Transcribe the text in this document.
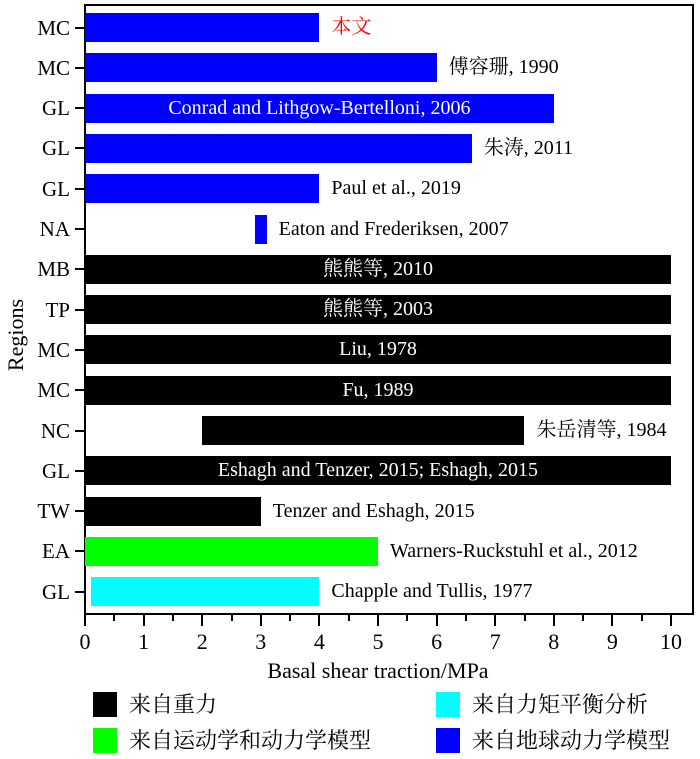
本文
傅容珊, 1990
Conrad and Lithgow-Bertelloni, 2006
朱涛, 2011
Paul et al., 2019
Eaton and Frederiksen, 2007
熊熊等, 2010
熊熊等, 2003
Liu, 1978
Fu, 1989
朱岳清等, 1984
Eshagh and Tenzer, 2015; Eshagh, 2015
Tenzer and Eshagh, 2015
Warners-Ruckstuhl et al., 2012
Chapple and Tullis, 1977
MC
MC
GL
GL
GL
NA
MB
TP
MC
MC
NC
GL
TW
EA
GL
0	1	2	3	4	5	6	7	8	9	10
Regions
Basal shear traction/MPa
来自重力	来自力矩平衡分析
来自运动学和动力学模型	来自地球动力学模型
